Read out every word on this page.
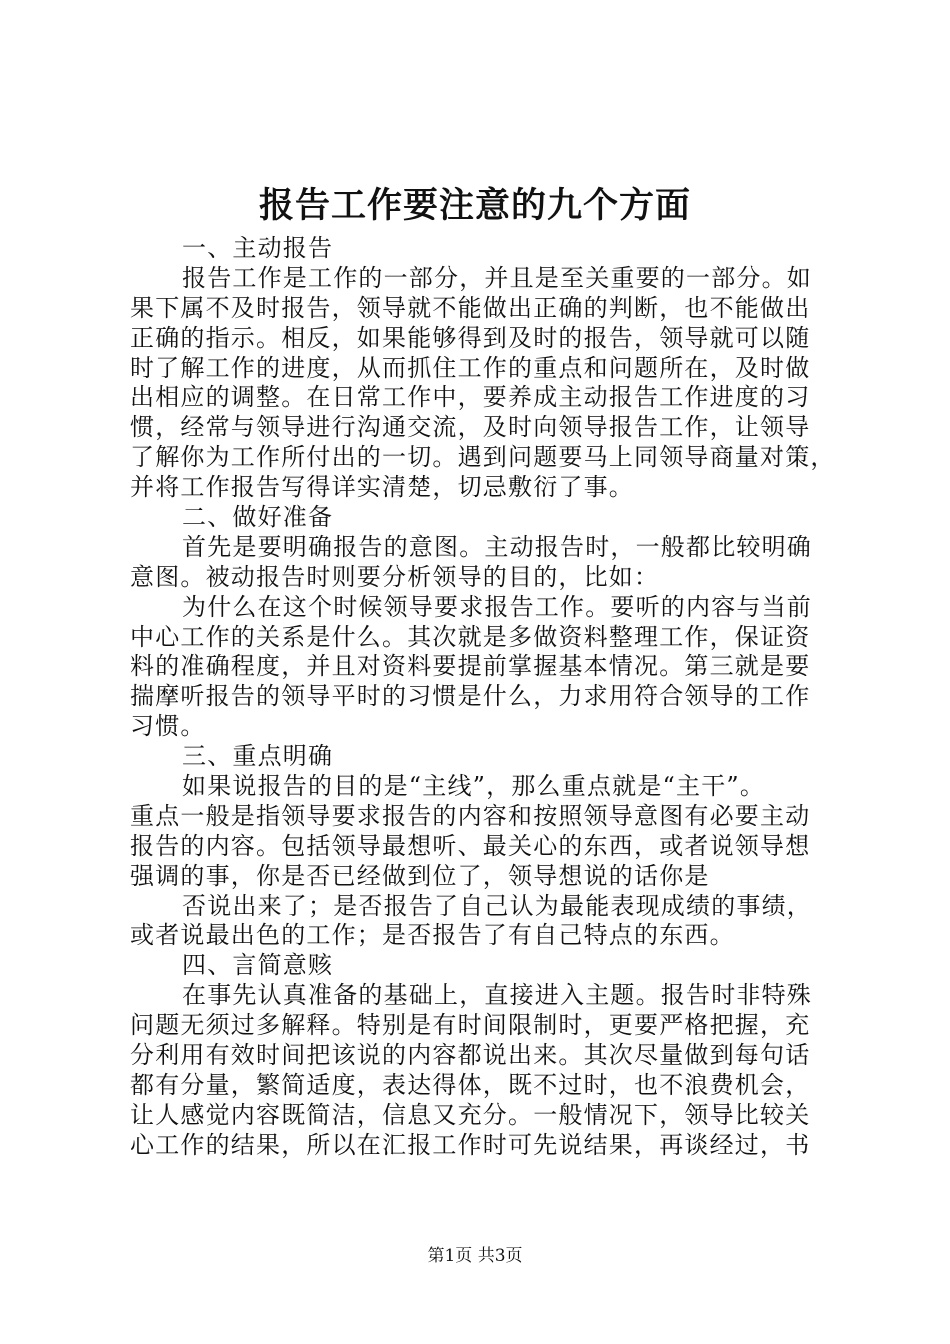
报告工作要注意的九个方面
一、主动报告
报告工作是工作的一部分，并且是至关重要的一部分。如
果下属不及时报告，领导就不能做出正确的判断，也不能做出
正确的指示。相反，如果能够得到及时的报告，领导就可以随
时了解工作的进度，从而抓住工作的重点和问题所在，及时做
出相应的调整。在日常工作中，要养成主动报告工作进度的习
惯，经常与领导进行沟通交流，及时向领导报告工作，让领导
了解你为工作所付出的一切。遇到问题要马上同领导商量对策，
并将工作报告写得详实清楚，切忌敷衍了事。
二、做好准备
首先是要明确报告的意图。主动报告时，一般都比较明确
意图。被动报告时则要分析领导的目的，比如：
为什么在这个时候领导要求报告工作。要听的内容与当前
中心工作的关系是什么。其次就是多做资料整理工作，保证资
料的准确程度，并且对资料要提前掌握基本情况。第三就是要
揣摩听报告的领导平时的习惯是什么，力求用符合领导的工作
习惯。
三、重点明确
如果说报告的目的是“主线”，那么重点就是“主干”。
重点一般是指领导要求报告的内容和按照领导意图有必要主动
报告的内容。包括领导最想听、最关心的东西，或者说领导想
强调的事，你是否已经做到位了，领导想说的话你是
否说出来了；是否报告了自己认为最能表现成绩的事绩，
或者说最出色的工作；是否报告了有自己特点的东西。
四、言简意赅
在事先认真准备的基础上，直接进入主题。报告时非特殊
问题无须过多解释。特别是有时间限制时，更要严格把握，充
分利用有效时间把该说的内容都说出来。其次尽量做到每句话
都有分量，繁简适度，表达得体，既不过时，也不浪费机会，
让人感觉内容既简洁，信息又充分。一般情况下，领导比较关
心工作的结果，所以在汇报工作时可先说结果，再谈经过，书
第1页 共3页
